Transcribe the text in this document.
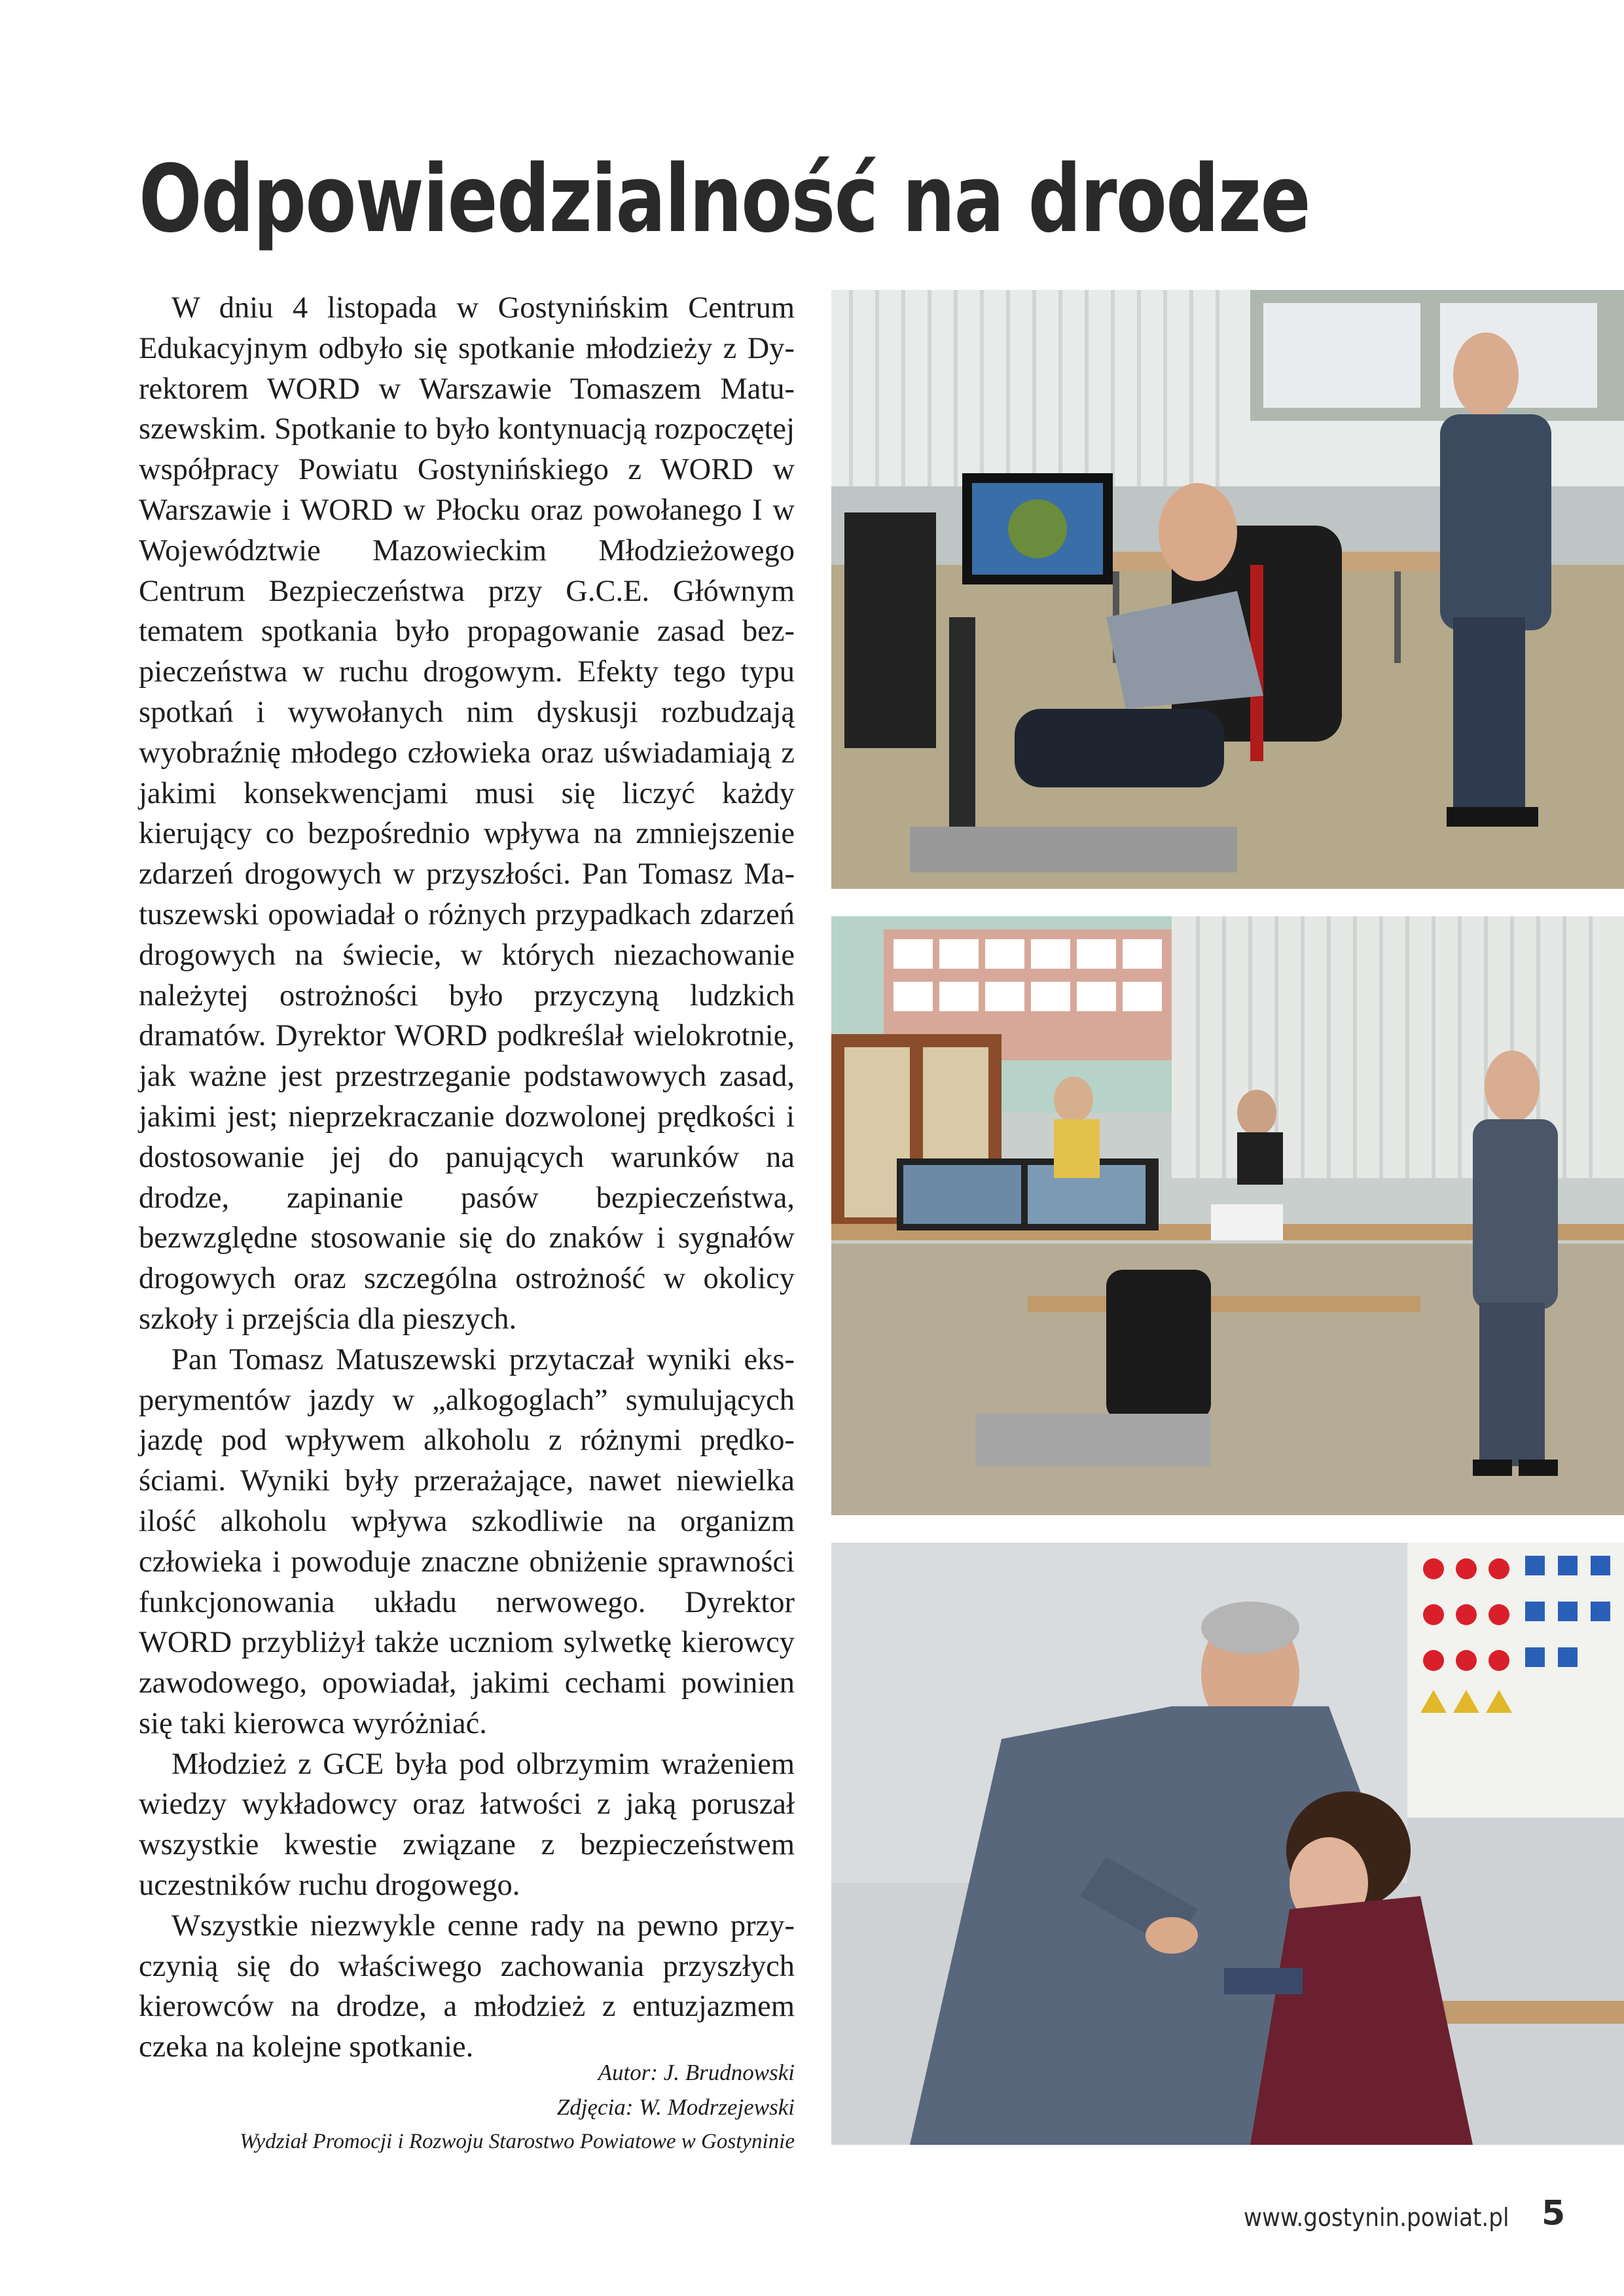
Odpowiedzialność na drodze

W dniu 4 listopada w Gostynińskim Centrum Edukacyjnym odbyło się spotkanie młodzieży z Dyrektorem WORD w Warszawie Tomaszem Matuszewskim. Spotkanie to było kontynuacją rozpoczętej współpracy Powiatu Gostynińskiego z WORD w Warszawie i WORD w Płocku oraz powołanego I w Województwie Mazowieckim Młodzieżowego Centrum Bezpieczeństwa przy G.C.E. Głównym tematem spotkania było propagowanie zasad bezpieczeństwa w ruchu drogowym. Efekty tego typu spotkań i wywołanych nim dyskusji rozbudzają wyobraźnię młodego człowieka oraz uświadamiają z jakimi konsekwencjami musi się liczyć każdy kierujący co bezpośrednio wpływa na zmniejszenie zdarzeń drogowych w przyszłości. Pan Tomasz Matuszewski opowiadał o różnych przypadkach zdarzeń drogowych na świecie, w których niezachowanie należytej ostrożności było przyczyną ludzkich dramatów. Dyrektor WORD podkreślał wielokrotnie, jak ważne jest przestrzeganie podstawowych zasad, jakimi jest; nieprzekraczanie dozwolonej prędkości i dostosowanie jej do panujących warunków na drodze, zapinanie pasów bezpieczeństwa, bezwzględne stosowanie się do znaków i sygnałów drogowych oraz szczególna ostrożność w okolicy szkoły i przejścia dla pieszych.

Pan Tomasz Matuszewski przytaczał wyniki eksperymentów jazdy w „alkogoglach” symulujących jazdę pod wpływem alkoholu z różnymi prędkościami. Wyniki były przerażające, nawet niewielka ilość alkoholu wpływa szkodliwie na organizm człowieka i powoduje znaczne obniżenie sprawności funkcjonowania układu nerwowego. Dyrektor WORD przybliżył także uczniom sylwetkę kierowcy zawodowego, opowiadał, jakimi cechami powinien się taki kierowca wyróżniać.

Młodzież z GCE była pod olbrzymim wrażeniem wiedzy wykładowcy oraz łatwości z jaką poruszał wszystkie kwestie związane z bezpieczeństwem uczestników ruchu drogowego.

Wszystkie niezwykle cenne rady na pewno przyczynią się do właściwego zachowania przyszłych kierowców na drodze, a młodzież z entuzjazmem czeka na kolejne spotkanie.

Autor: J. Brudnowski
Zdjęcia: W. Modrzejewski
Wydział Promocji i Rozwoju Starostwo Powiatowe w Gostyninie
www.gostynin.powiat.pl 5
